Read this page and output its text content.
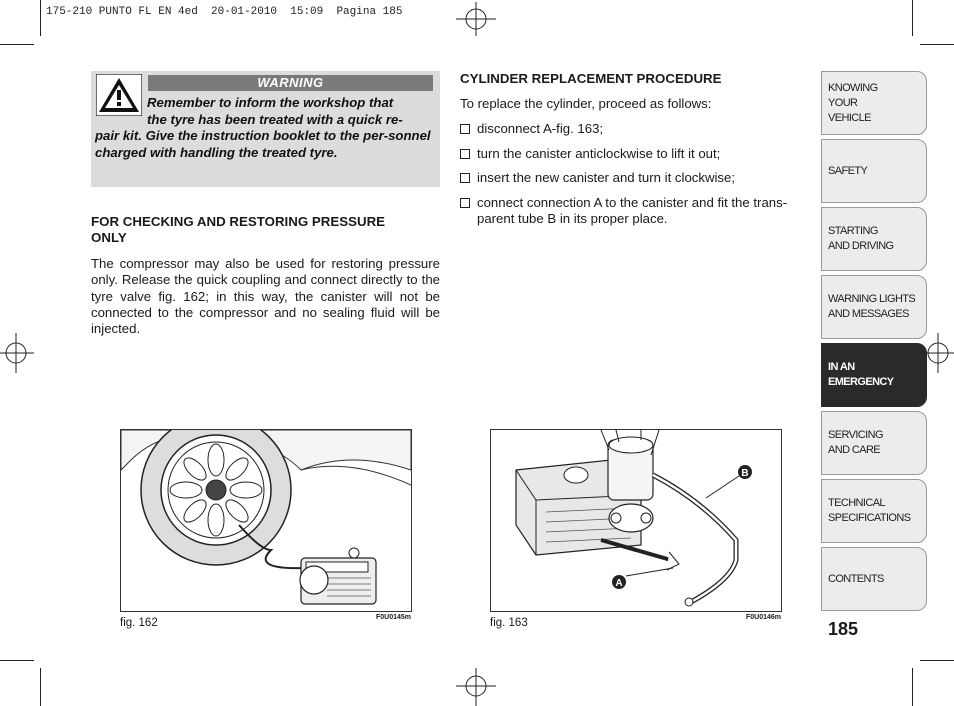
175-210 PUNTO FL EN 4ed  20-01-2010  15:09  Pagina 185
WARNING
Remember to inform the workshop that
the tyre has been treated with a quick re-
pair kit. Give the instruction booklet to the per-sonnel charged with handling the treated tyre.
FOR CHECKING AND RESTORING PRESSURE ONLY
The compressor may also be used for restoring pressure only. Release the quick coupling and connect directly to the tyre valve fig. 162; in this way, the canister will not be connected to the compressor and no sealing fluid will be injected.
CYLINDER REPLACEMENT PROCEDURE
To replace the cylinder, proceed as follows:
disconnect A-fig. 163;
turn the canister anticlockwise to lift it out;
insert the new canister and turn it clockwise;
connect connection A to the canister and fit the trans-parent tube B in its proper place.
fig. 162	F0U0145m
A
B
fig. 163	F0U0146m
KNOWING
YOUR
VEHICLE
SAFETY
STARTING
AND DRIVING
WARNING LIGHTS
AND MESSAGES
IN AN
EMERGENCY
SERVICING
AND CARE
TECHNICAL
SPECIFICATIONS
CONTENTS
185
